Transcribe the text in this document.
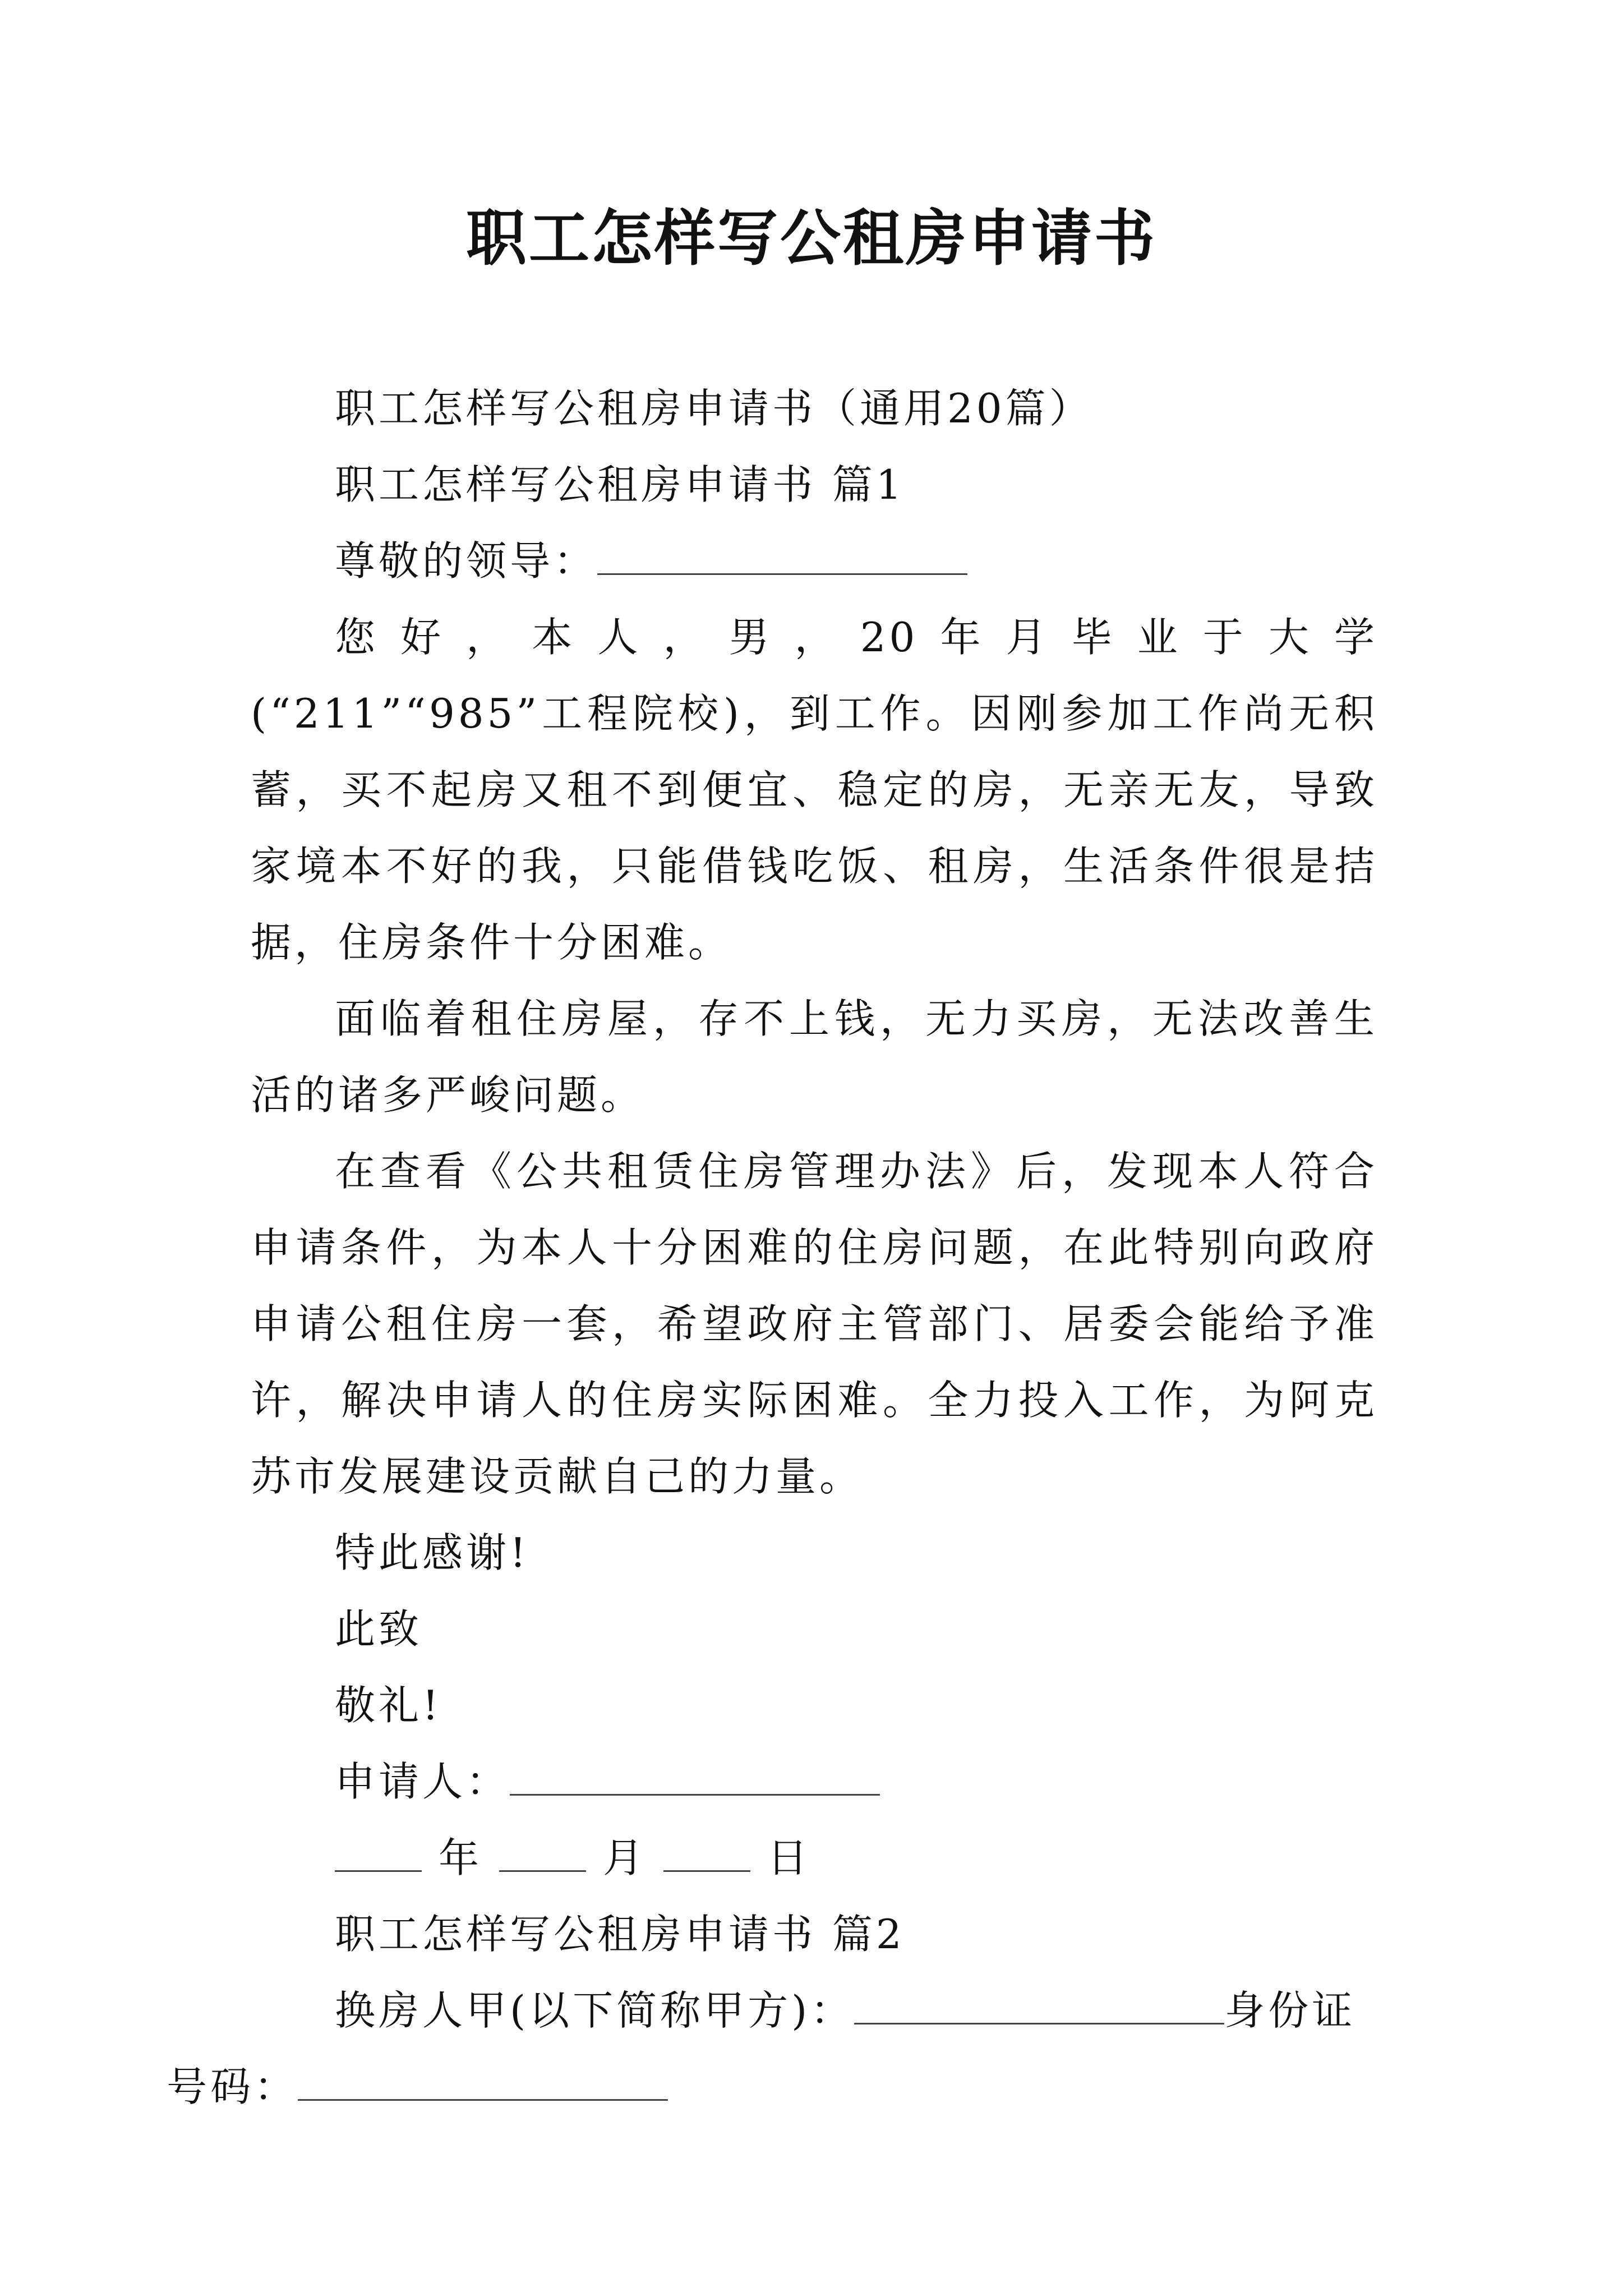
职工怎样写公租房申请书

职工怎样写公租房申请书（通用20篇）

职工怎样写公租房申请书 篇1

尊敬的领导：

您好，本人，男，20年月毕业于大学(“211”“985”工程院校)，到工作。因刚参加工作尚无积蓄，买不起房又租不到便宜、稳定的房，无亲无友，导致家境本不好的我，只能借钱吃饭、租房，生活条件很是拮据，住房条件十分困难。

面临着租住房屋，存不上钱，无力买房，无法改善生活的诸多严峻问题。

在查看《公共租赁住房管理办法》后，发现本人符合申请条件，为本人十分困难的住房问题，在此特别向政府申请公租住房一套，希望政府主管部门、居委会能给予准许，解决申请人的住房实际困难。全力投入工作，为阿克苏市发展建设贡献自己的力量。

特此感谢!

此致

敬礼!

申请人：

年	月	日

职工怎样写公租房申请书 篇2

换房人甲(以下简称甲方)：	身份证
号码：
